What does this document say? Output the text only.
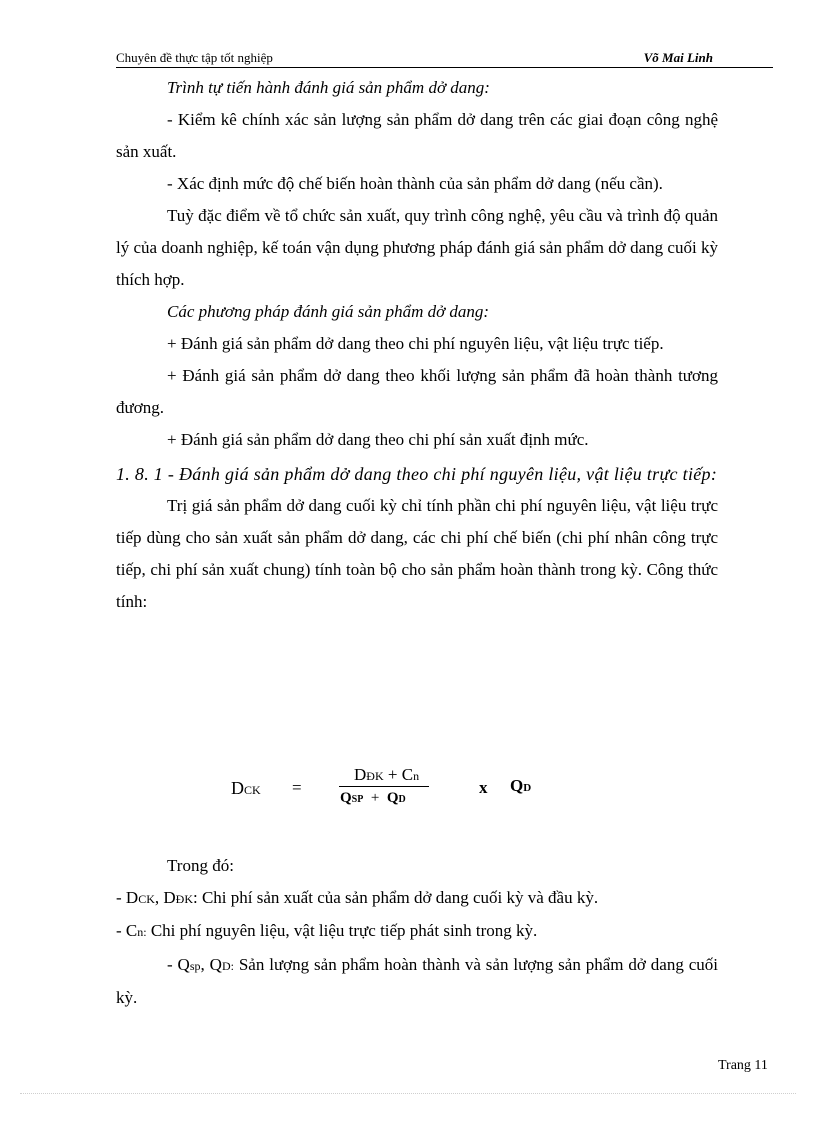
Chuyên đề thực tập tốt nghiệp	Võ Mai Linh

Trình tự tiến hành đánh giá sản phẩm dở dang:

- Kiểm kê chính xác sản lượng sản phẩm dở dang trên các giai đoạn công nghệ sản xuất.

- Xác định mức độ chế biến hoàn thành của sản phẩm dở dang (nếu cần).

Tuỳ đặc điểm về tổ chức sản xuất, quy trình công nghệ, yêu cầu và trình độ quản lý của doanh nghiệp, kế toán vận dụng phương pháp đánh giá sản phẩm dở dang cuối kỳ thích hợp.

Các phương pháp đánh giá sản phẩm dở dang:

+ Đánh giá sản phẩm dở dang theo chi phí nguyên liệu, vật liệu trực tiếp.

+ Đánh giá sản phẩm dở dang theo khối lượng sản phẩm đã hoàn thành tương đương.

+ Đánh giá sản phẩm dở dang theo chi phí sản xuất định mức.

1. 8. 1 - Đánh giá sản phẩm dở dang theo chi phí nguyên liệu, vật liệu trực tiếp:

Trị giá sản phẩm dở dang cuối kỳ chỉ tính phần chi phí nguyên liệu, vật liệu trực tiếp dùng cho sản xuất sản phẩm dở dang, các chi phí chế biến (chi phí nhân công trực tiếp, chi phí sản xuất chung) tính toàn bộ cho sản phẩm hoàn thành trong kỳ. Công thức tính:

DCK =
DĐK + Cn
QSP + QD
x QD

Trong đó:

- DCK, DĐK: Chi phí sản xuất của sản phẩm dở dang cuối kỳ và đầu kỳ.

- Cn: Chi phí nguyên liệu, vật liệu trực tiếp phát sinh trong kỳ.

- Qsp, QD: Sản lượng sản phẩm hoàn thành và sản lượng sản phẩm dở dang cuối kỳ.

Trang 11
